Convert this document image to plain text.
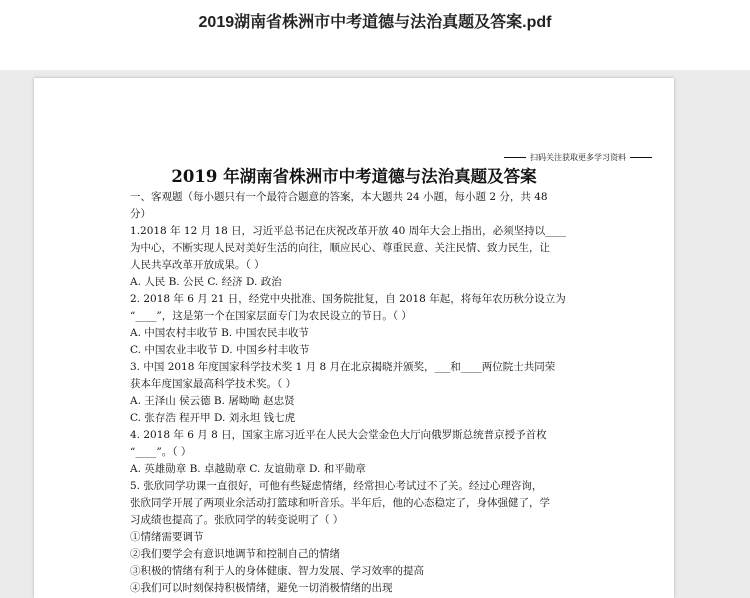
2019湖南省株洲市中考道德与法治真题及答案.pdf
扫码关注获取更多学习资料
2019 年湖南省株洲市中考道德与法治真题及答案
一、客观题（每小题只有一个最符合题意的答案，本大题共 24 小题，每小题 2 分，共 48
分）
1.2018 年 12 月 18 日，习近平总书记在庆祝改革开放 40 周年大会上指出，必须坚持以____
为中心，不断实现人民对美好生活的向往，顺应民心、尊重民意、关注民情、致力民生，让
人民共享改革开放成果。（ ）
A. 人民 B. 公民 C. 经济 D. 政治
2. 2018 年 6 月 21 日，经党中央批准、国务院批复，自 2018 年起，将每年农历秋分设立为
“____”，这是第一个在国家层面专门为农民设立的节日。（ ）
A. 中国农村丰收节 B. 中国农民丰收节
C. 中国农业丰收节 D. 中国乡村丰收节
3. 中国 2018 年度国家科学技术奖 1 月 8 月在北京揭晓并颁奖，___和____两位院士共同荣
获本年度国家最高科学技术奖。（ ）
A. 王泽山 侯云德 B. 屠呦呦 赵忠贤
C. 张存浩 程开甲 D. 刘永坦 钱七虎
4. 2018 年 6 月 8 日，国家主席习近平在人民大会堂金色大厅向俄罗斯总统普京授予首枚
“____”。（ ）
A. 英雄勋章 B. 卓越勋章 C. 友谊勋章 D. 和平勋章
5. 张欣同学功课一直很好，可他有些疑虑情绪，经常担心考试过不了关。经过心理咨询，
张欣同学开展了两项业余活动打篮球和听音乐。半年后，他的心态稳定了，身体强健了，学
习成绩也提高了。张欣同学的转变说明了（ ）
①情绪需要调节
②我们要学会有意识地调节和控制自己的情绪
③积极的情绪有利于人的身体健康、智力发展、学习效率的提高
④我们可以时刻保持积极情绪，避免一切消极情绪的出现
